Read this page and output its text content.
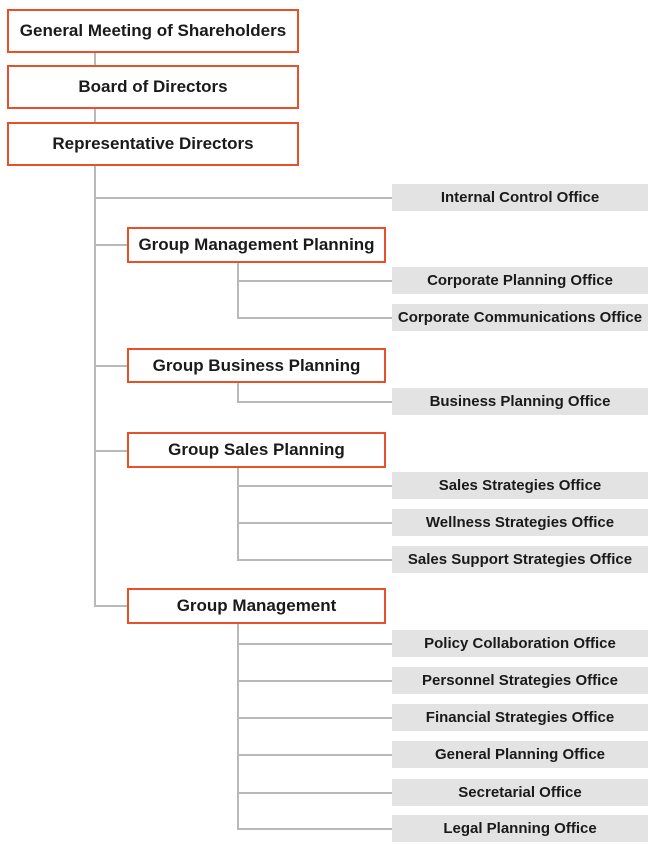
General Meeting of Shareholders
Board of Directors
Representative Directors
Internal Control Office
Group Management Planning
Group Business Planning
Group Sales Planning
Group Management
Corporate Planning Office
Corporate Communications Office
Business Planning Office
Sales Strategies Office
Wellness Strategies Office
Sales Support Strategies Office
Policy Collaboration Office
Personnel Strategies Office
Financial Strategies Office
General Planning Office
Secretarial Office
Legal Planning Office
